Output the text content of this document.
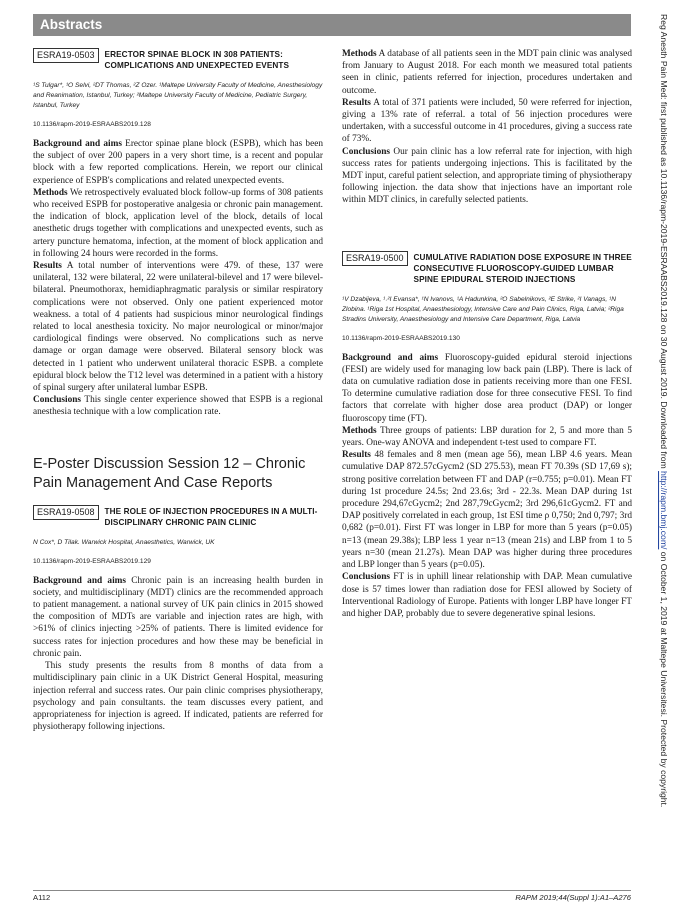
Abstracts
ESRA19-0503	ERECTOR SPINAE BLOCK IN 308 PATIENTS: COMPLICATIONS AND UNEXPECTED EVENTS
¹S Tulgar*, ¹O Selvi, ²DT Thomas, ²Z Ozer. ¹Maltepe University Faculty of Medicine, Anesthesiology and Reanimation, Istanbul, Turkey; ²Maltepe University Faculty of Medicine, Pediatric Surgery, Istanbul, Turkey
10.1136/rapm-2019-ESRAABS2019.128

Background and aims Erector spinae plane block (ESPB), which has been the subject of over 200 papers in a very short time, is a recent and popular block with a few reported complications. Herein, we report our clinical experience of ESPB's complications and related unexpected events.

Methods We retrospectively evaluated block follow-up forms of 308 patients who received ESPB for postoperative analgesia or chronic pain management. the indication of block, application level of the block, details of local anesthetic drugs together with complications and unexpected events, such as artery puncture hematoma, infection, at the moment of block application and in following 24 hours were recorded in the forms.

Results A total number of interventions were 479. of these, 137 were unilateral, 132 were bilateral, 22 were unilateral-bilevel and 17 were bilevel-bilateral. Pneumothorax, hemidiaphragmatic paralysis or similar respiratory complications were not observed. Only one patient experienced motor weakness. a total of 4 patients had suspicious minor neurological findings related to local anesthesia toxicity. No major neurological or minor/major cardiological findings were observed. No complications such as nerve damage or organ damage were observed. Bilateral sensory block was detected in 1 patient who underwent unilateral thoracic ESPB. a complete epidural block below the T12 level was determined in a patient with a history of spinal surgery after unilateral lumbar ESPB.

Conclusions This single center experience showed that ESPB is a regional anesthesia technique with a low complication rate.

E-Poster Discussion Session 12 – Chronic Pain Management And Case Reports
ESRA19-0508	THE ROLE OF INJECTION PROCEDURES IN A MULTI-DISCIPLINARY CHRONIC PAIN CLINIC
N Cox*, D Tilak. Warwick Hospital, Anaesthetics, Warwick, UK
10.1136/rapm-2019-ESRAABS2019.129

Background and aims Chronic pain is an increasing health burden in society, and multidisciplinary (MDT) clinics are the recommended approach to patient management. a national survey of UK pain clinics in 2015 showed the composition of MDTs are variable and injection rates are high, with >61% of clinics injecting >25% of patients. There is limited evidence for success rates for injection procedures and how these may be beneficial in chronic pain.

This study presents the results from 8 months of data from a multidisciplinary pain clinic in a UK District General Hospital, measuring injection referral and success rates. Our pain clinic comprises physiotherapy, psychology and pain consultants. the team discusses every patient, and appropriateness for injection is agreed. If indicated, patients are referred for physiotherapy following injections.

Methods A database of all patients seen in the MDT pain clinic was analysed from January to August 2018. For each month we measured total patients seen in clinic, patients referred for injection, procedures undertaken and outcome.

Results A total of 371 patients were included, 50 were referred for injection, giving a 13% rate of referral. a total of 56 injection procedures were undertaken, with a successful outcome in 41 procedures, giving a success rate of 73%.

Conclusions Our pain clinic has a low referral rate for injection, with high success rates for patients undergoing injections. This is facilitated by the MDT input, careful patient selection, and appropriate timing of physiotherapy following injection. the data show that injections have an important role within MDT clinics, in carefully selected patients.

ESRA19-0500	CUMULATIVE RADIATION DOSE EXPOSURE IN THREE CONSECUTIVE FLUOROSCOPY-GUIDED LUMBAR SPINE EPIDURAL STEROID INJECTIONS
¹V Dzabijeva, ¹˒²I Evansa*, ¹N Ivanovs, ¹A Hadunkina, ²O Sabelnikovs, ²E Strike, ²I Vanags, ¹N Zlobina. ¹Riga 1st Hospital, Anaesthesiology, Intensive Care and Pain Clinics, Riga, Latvia; ²Riga Stradins University, Anaesthesiology and Intensive Care Department, Riga, Latvia
10.1136/rapm-2019-ESRAABS2019.130

Background and aims Fluoroscopy-guided epidural steroid injections (FESI) are widely used for managing low back pain (LBP). There is lack of data on cumulative radiation dose in patients receiving more than one FESI. To determine cumulative radiation dose for three consecutive FESI. To find factors that correlate with higher dose area product (DAP) or longer fluoroscopy time (FT).

Methods Three groups of patients: LBP duration for 2, 5 and more than 5 years. One-way ANOVA and independent t-test used to compare FT.

Results 48 females and 8 men (mean age 56), mean LBP 4.6 years. Mean cumulative DAP 872.57cGycm2 (SD 275.53), mean FT 70.39s (SD 17,69 s); strong positive correlation between FT and DAP (r=0.755; p=0.01). Mean FT during 1st procedure 24.5s; 2nd 23.6s; 3rd - 22.3s. Mean DAP during 1st procedure 294,67cGycm2; 2nd 287,79cGycm2; 3rd 296,61cGycm2. FT and DAP positively correlated in each group, 1st ESI time ρ 0,750; 2nd 0,797; 3rd 0,682 (p=0.01). First FT was longer in LBP for more than 5 years (p=0.05) n=13 (mean 29.38s); LBP less 1 year n=13 (mean 21s) and LBP from 1 to 5 years n=30 (mean 21.27s). Mean DAP was higher during three procedures and LBP longer than 5 years (p=0.05).

Conclusions FT is in uphill linear relationship with DAP. Mean cumulative dose is 57 times lower than radiation dose for FESI allowed by Society of Interventional Radiology of Europe. Patients with longer LBP have longer FT and higher DAP, probably due to severe degenerative spinal lesions.

Reg Anesth Pain Med: first published as 10.1136/rapm-2019-ESRAABS2019.128 on 30 August 2019. Downloaded from http://rapm.bmj.com/ on October 1, 2019 at Maltepe Universitesi. Protected by copyright.
A112	RAPM 2019;44(Suppl 1):A1–A276
